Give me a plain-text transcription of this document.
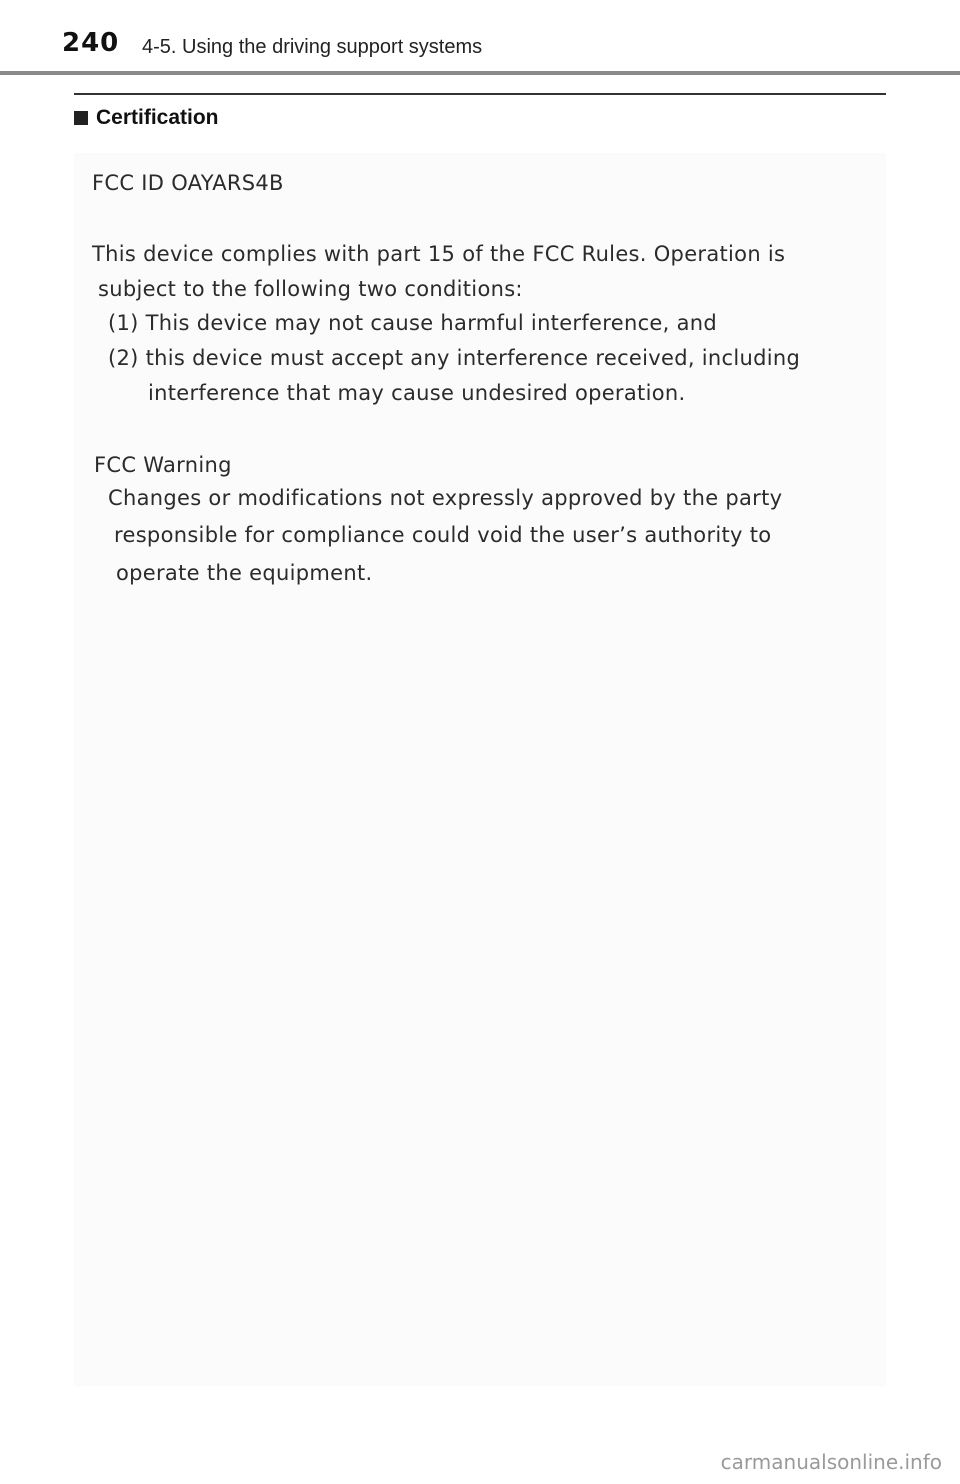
240 4-5. Using the driving support systems
Certification
FCC ID OAYARS4B
This device complies with part 15 of the FCC Rules. Operation is
subject to the following two conditions:
(1) This device may not cause harmful interference, and
(2) this device must accept any interference received, including
interference that may cause undesired operation.
FCC Warning
Changes or modifications not expressly approved by the party
responsible for compliance could void the user’s authority to
operate the equipment.
carmanualsonline.info
